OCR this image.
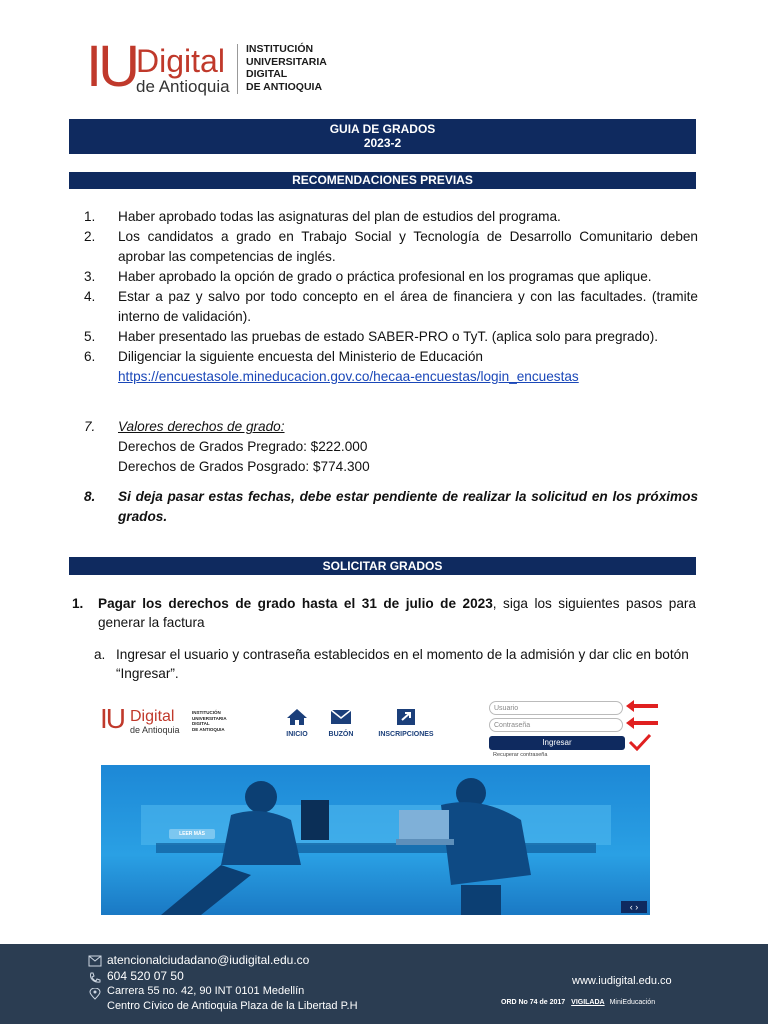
IU Digital
de Antioquia
INSTITUCIÓN
UNIVERSITARIA
DIGITAL
DE ANTIOQUIA
GUIA DE GRADOS
2023-2
RECOMENDACIONES PREVIAS
1. Haber aprobado todas las asignaturas del plan de estudios del programa.
2. Los candidatos a grado en Trabajo Social y Tecnología de Desarrollo Comunitario deben aprobar las competencias de inglés.
3. Haber aprobado la opción de grado o práctica profesional en los programas que aplique.
4. Estar a paz y salvo por todo concepto en el área de financiera y con las facultades. (tramite interno de validación).
5. Haber presentado las pruebas de estado SABER-PRO o TyT. (aplica solo para pregrado).
6. Diligenciar la siguiente encuesta del Ministerio de Educación
https://encuestasole.mineducacion.gov.co/hecaa-encuestas/login_encuestas
7. Valores derechos de grado:
Derechos de Grados Pregrado: $222.000
Derechos de Grados Posgrado: $774.300
8. Si deja pasar estas fechas, debe estar pendiente de realizar la solicitud en los próximos grados.
SOLICITAR GRADOS
1.	Pagar los derechos de grado hasta el 31 de julio de 2023, siga los siguientes pasos para generar la factura
a. Ingresar el usuario y contraseña establecidos en el momento de la admisión y dar clic en botón “Ingresar”.
IU Digital
de Antioquia
INSTITUCIÓN
UNIVERSITARIA
DIGITAL
DE ANTIOQUIA
INICIO	BUZÓN	INSCRIPCIONES
Usuario
Contraseña
Ingresar
Recuperar contraseña
LEER MÁS
‹ ›
atencionalciudadano@iudigital.edu.co
604 520 07 50
Carrera 55 no. 42, 90 INT 0101 Medellín
Centro Cívico de Antioquia Plaza de la Libertad P.H
www.iudigital.edu.co
ORD No 74 de 2017 VIGILADA MiniEducación
